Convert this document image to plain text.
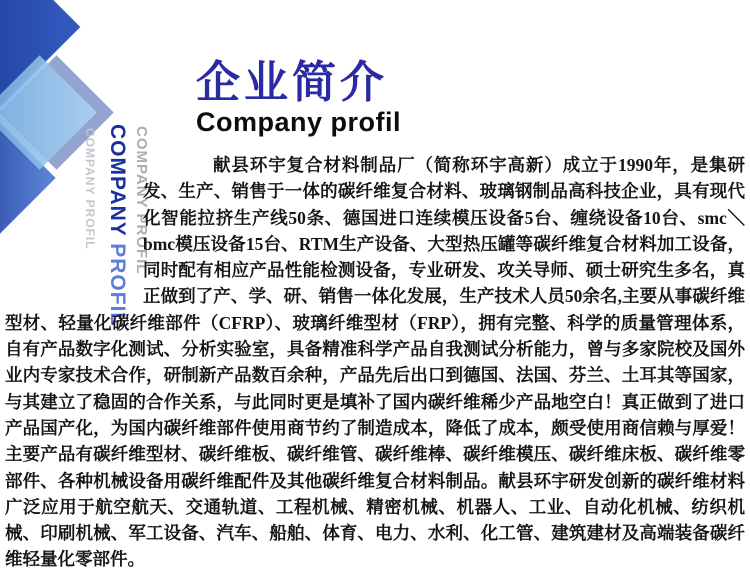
COMPANY PROFIL COMPANY PROFIL
COMPANY PROFIL
企业简介
Company profil
献县环宇复合材料制品厂（简称环宇高新）成立于1990年，是集研发、生产、销售于一体的碳纤维复合材料、玻璃钢制品高科技企业，具有现代化智能拉挤生产线50条、德国进口连续模压设备5台、缠绕设备10台、smc＼bmc模压设备15台、RTM生产设备、大型热压罐等碳纤维复合材料加工设备，同时配有相应产品性能检测设备，专业研发、攻关导师、硕士研究生多名，真正做到了产、学、研、销售一体化发展，生产技术人员50余名,主要从事碳纤维型材、轻量化碳纤维部件（CFRP）、玻璃纤维型材（FRP），拥有完整、科学的质量管理体系，自有产品数字化测试、分析实验室，具备精准科学产品自我测试分析能力，曾与多家院校及国外业内专家技术合作，研制新产品数百余种，产品先后出口到德国、法国、芬兰、土耳其等国家，与其建立了稳固的合作关系，与此同时更是填补了国内碳纤维稀少产品地空白！真正做到了进口产品国产化，为国内碳纤维部件使用商节约了制造成本，降低了成本，颇受使用商信赖与厚爱！主要产品有碳纤维型材、碳纤维板、碳纤维管、碳纤维棒、碳纤维模压、碳纤维床板、碳纤维零部件、各种机械设备用碳纤维配件及其他碳纤维复合材料制品。献县环宇研发创新的碳纤维材料广泛应用于航空航天、交通轨道、工程机械、精密机械、机器人、工业、自动化机械、纺织机械、印刷机械、军工设备、汽车、船舶、体育、电力、水利、化工管、建筑建材及高端装备碳纤维轻量化零部件。
